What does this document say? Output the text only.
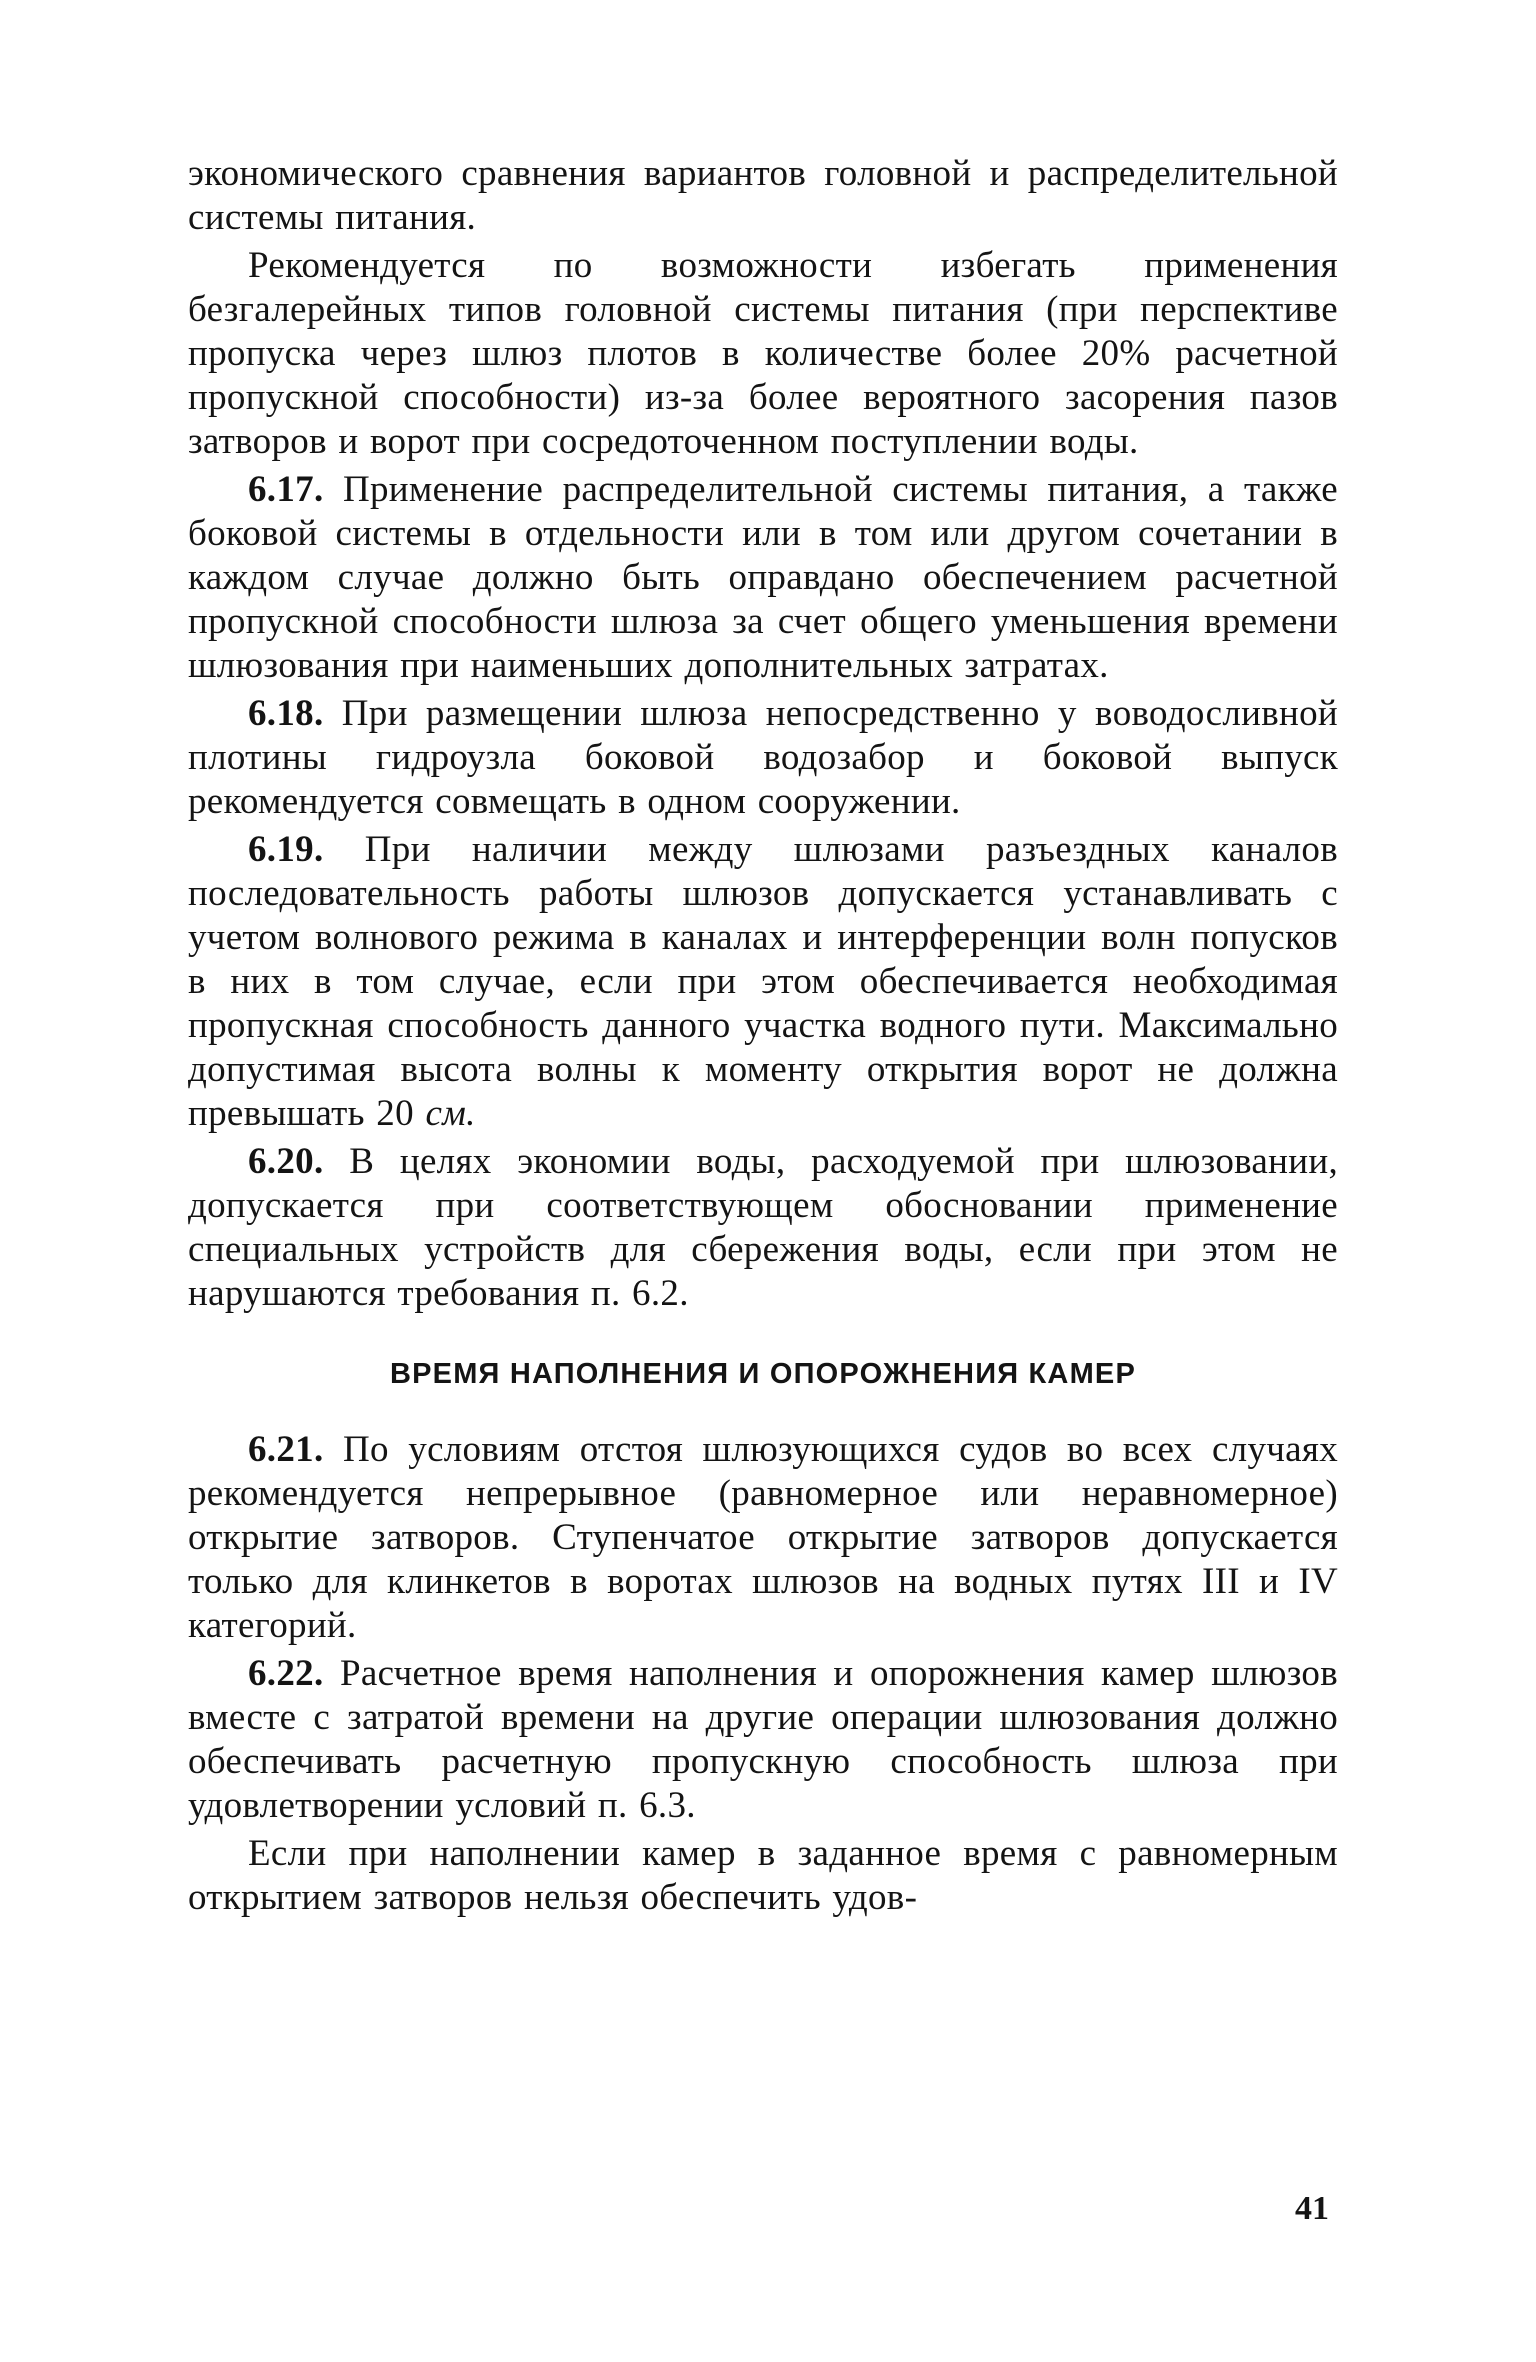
экономического сравнения вариантов головной и распределительной системы питания.

Рекомендуется по возможности избегать применения безгалерейных типов головной системы питания (при перспективе пропуска через шлюз плотов в количестве более 20% расчетной пропускной способности) из-за более вероятного засорения пазов затворов и ворот при сосредоточенном поступлении воды.

6.17. Применение распределительной системы питания, а также боковой системы в отдельности или в том или другом сочетании в каждом случае должно быть оправдано обеспечением расчетной пропускной способности шлюза за счет общего уменьшения времени шлюзования при наименьших дополнительных затратах.

6.18. При размещении шлюза непосредственно у вoводосливной плотины гидроузла боковой водозабор и боковой выпуск рекомендуется совмещать в одном сооружении.

6.19. При наличии между шлюзами разъездных каналов последовательность работы шлюзов допускается устанавливать с учетом волнового режима в каналах и интерференции волн попусков в них в том случае, если при этом обеспечивается необходимая пропускная способность данного участка водного пути. Максимально допустимая высота волны к моменту открытия ворот не должна превышать 20 см.

6.20. В целях экономии воды, расходуемой при шлюзовании, допускается при соответствующем обосновании применение специальных устройств для сбережения воды, если при этом не нарушаются требования п. 6.2.

ВРЕМЯ НАПОЛНЕНИЯ И ОПОРОЖНЕНИЯ КАМЕР

6.21. По условиям отстоя шлюзующихся судов во всех случаях рекомендуется непрерывное (равномерное или неравномерное) открытие затворов. Ступенчатое открытие затворов допускается только для клинкетов в воротах шлюзов на водных путях III и IV категорий.

6.22. Расчетное время наполнения и опорожнения камер шлюзов вместе с затратой времени на другие операции шлюзования должно обеспечивать расчетную пропускную способность шлюза при удовлетворении условий п. 6.3.

Если при наполнении камер в заданное время с равномерным открытием затворов нельзя обеспечить удов-

41
